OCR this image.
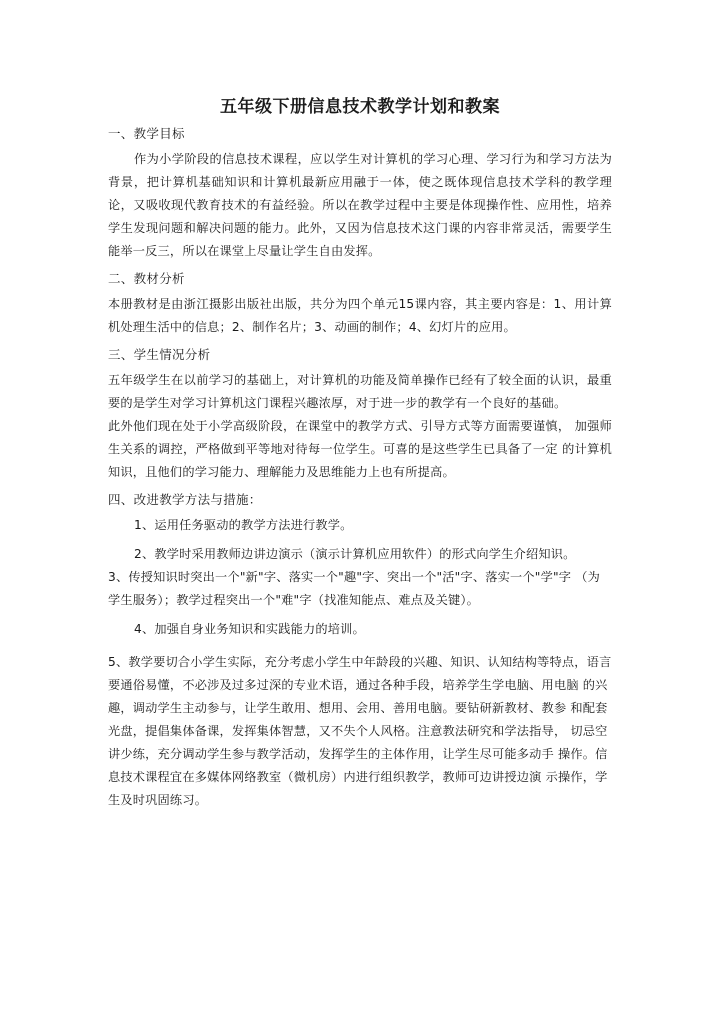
五年级下册信息技术教学计划和教案
一、教学目标
作为小学阶段的信息技术课程，应以学生对计算机的学习心理、学习行为和学习方法为背景，把计算机基础知识和计算机最新应用融于一体，使之既体现信息技术学科的教学理论，又吸收现代教育技术的有益经验。所以在教学过程中主要是体现操作性、应用性，培养学生发现问题和解决问题的能力。此外，又因为信息技术这门课的内容非常灵活，需要学生能举一反三，所以在课堂上尽量让学生自由发挥。
二、教材分析
本册教材是由浙江摄影出版社出版，共分为四个单元15课内容，其主要内容是：1、用计算机处理生活中的信息；2、制作名片；3、动画的制作；4、幻灯片的应用。
三、学生情况分析
五年级学生在以前学习的基础上，对计算机的功能及简单操作已经有了较全面的认识，最重要的是学生对学习计算机这门课程兴趣浓厚，对于进一步的教学有一个良好的基础。
此外他们现在处于小学高级阶段，在课堂中的教学方式、引导方式等方面需要谨慎， 加强师生关系的调控，严格做到平等地对待每一位学生。可喜的是这些学生已具备了一定 的计算机知识，且他们的学习能力、理解能力及思维能力上也有所提高。
四、改进教学方法与措施：
1、运用任务驱动的教学方法进行教学。
2、教学时采用教师边讲边演示（演示计算机应用软件）的形式向学生介绍知识。
3、传授知识时突出一个"新"字、落实一个"趣"字、突出一个"活"字、落实一个"学"字 （为学生服务）；教学过程突出一个"难"字（找准知能点、难点及关键）。
4、加强自身业务知识和实践能力的培训。
5、教学要切合小学生实际，充分考虑小学生中年龄段的兴趣、知识、认知结构等特点，语言要通俗易懂，不必涉及过多过深的专业术语，通过各种手段，培养学生学电脑、用电脑 的兴趣，调动学生主动参与，让学生敢用、想用、会用、善用电脑。要钻研新教材、教参 和配套光盘，提倡集体备课，发挥集体智慧，又不失个人风格。注意教法研究和学法指导， 切忌空讲少练，充分调动学生参与教学活动，发挥学生的主体作用，让学生尽可能多动手 操作。信息技术课程宜在多媒体网络教室（微机房）内进行组织教学，教师可边讲授边演 示操作，学生及时巩固练习。
